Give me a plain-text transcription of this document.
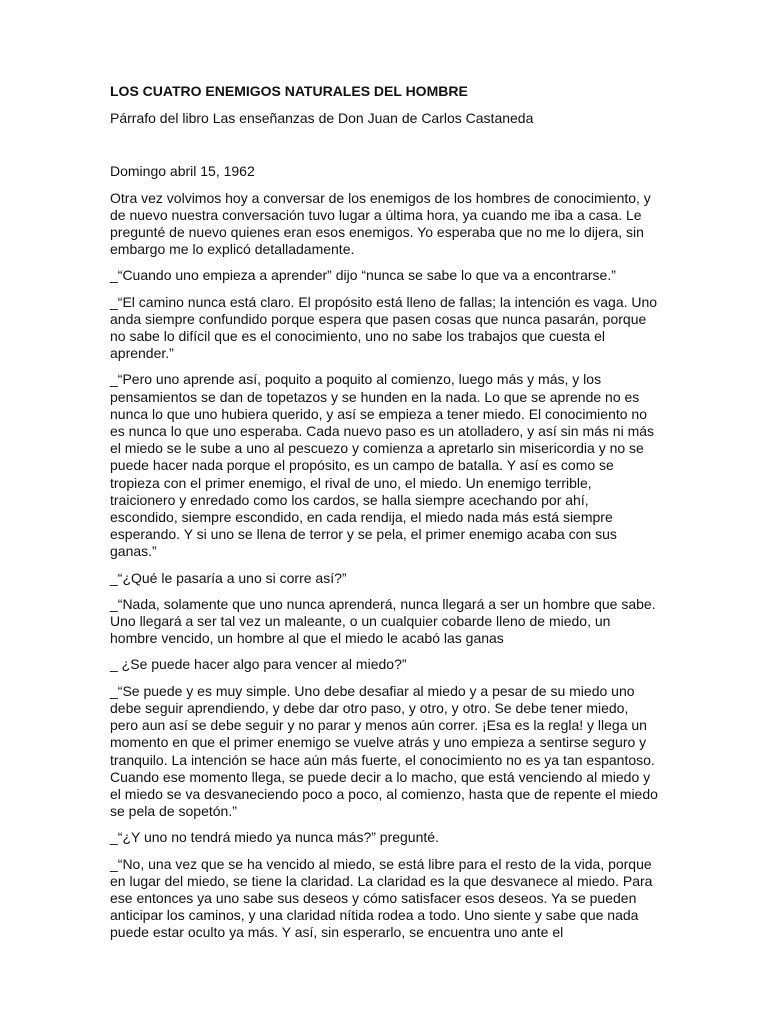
LOS CUATRO ENEMIGOS NATURALES DEL HOMBRE
Párrafo del libro Las enseñanzas de Don Juan de Carlos Castaneda
Domingo abril 15, 1962
Otra vez volvimos hoy a conversar de los enemigos de los hombres de conocimiento, y de nuevo nuestra conversación tuvo lugar a última hora, ya cuando me iba a casa. Le pregunté de nuevo quienes eran esos enemigos. Yo esperaba que no me lo dijera, sin embargo me lo explicó detalladamente.
_“Cuando uno empieza a aprender” dijo “nunca se sabe lo que va a encontrarse.”
_“El camino nunca está claro. El propósito está lleno de fallas; la intención es vaga. Uno anda siempre confundido porque espera que pasen cosas que nunca pasarán, porque no sabe lo difícil que es el conocimiento, uno no sabe los trabajos que cuesta el aprender.”
_“Pero uno aprende así, poquito a poquito al comienzo, luego más y más, y los pensamientos se dan de topetazos y se hunden en la nada. Lo que se aprende no es nunca lo que uno hubiera querido, y así se empieza a tener miedo. El conocimiento no es nunca lo que uno esperaba. Cada nuevo paso es un atolladero, y así sin más ni más el miedo se le sube a uno al pescuezo y comienza a apretarlo sin misericordia y no se puede hacer nada porque el propósito, es un campo de batalla. Y así es como se tropieza con el primer enemigo, el rival de uno, el miedo. Un enemigo terrible, traicionero y enredado como los cardos, se halla siempre acechando por ahí, escondido, siempre escondido, en cada rendija, el miedo nada más está siempre esperando. Y si uno se llena de terror y se pela, el primer enemigo acaba con sus ganas.”
_“¿Qué le pasaría a uno si corre así?”
_“Nada, solamente que uno nunca aprenderá, nunca llegará a ser un hombre que sabe. Uno llegará a ser tal vez un maleante, o un cualquier cobarde lleno de miedo, un hombre vencido, un hombre al que el miedo le acabó las ganas
_ ¿Se puede hacer algo para vencer al miedo?”
_“Se puede y es muy simple. Uno debe desafiar al miedo y a pesar de su miedo uno debe seguir aprendiendo, y debe dar otro paso, y otro, y otro. Se debe tener miedo, pero aun así se debe seguir y no parar y menos aún correr. ¡Esa es la regla! y llega un momento en que el primer enemigo se vuelve atrás y uno empieza a sentirse seguro y tranquilo. La intención se hace aún más fuerte, el conocimiento no es ya tan espantoso. Cuando ese momento llega, se puede decir a lo macho, que está venciendo al miedo y el miedo se va desvaneciendo poco a poco, al comienzo, hasta que de repente el miedo se pela de sopetón.”
_“¿Y uno no tendrá miedo ya nunca más?” pregunté.
_“No, una vez que se ha vencido al miedo, se está libre para el resto de la vida, porque en lugar del miedo, se tiene la claridad. La claridad es la que desvanece al miedo. Para ese entonces ya uno sabe sus deseos y cómo satisfacer esos deseos. Ya se pueden anticipar los caminos, y una claridad nítida rodea a todo. Uno siente y sabe que nada puede estar oculto ya más. Y así, sin esperarlo, se encuentra uno ante el
